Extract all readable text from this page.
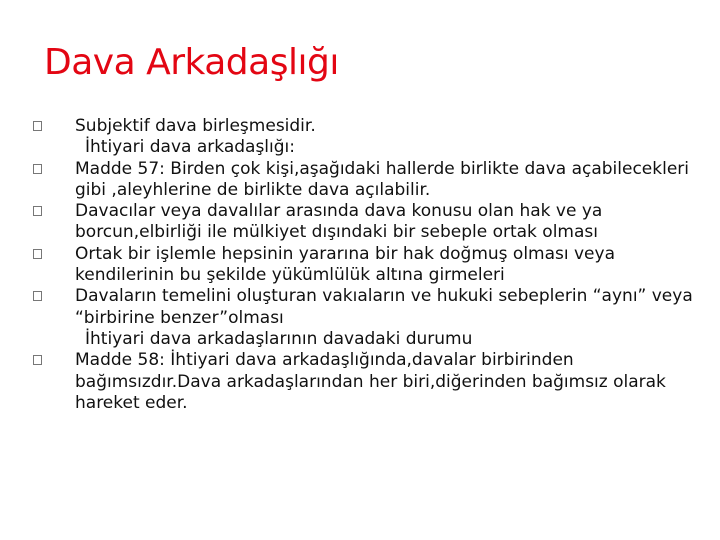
Dava Arkadaşlığı
Subjektif dava birleşmesidir.
İhtiyari dava arkadaşlığı:
Madde 57: Birden çok kişi,aşağıdaki hallerde birlikte dava açabilecekleri gibi ,aleyhlerine de birlikte dava açılabilir.
Davacılar veya davalılar arasında dava konusu olan hak ve ya borcun,elbirliği ile mülkiyet dışındaki bir sebeple ortak olması
Ortak bir işlemle hepsinin yararına bir hak doğmuş olması veya kendilerinin bu şekilde yükümlülük altına girmeleri
Davaların temelini oluşturan vakıaların ve hukuki sebeplerin “aynı” veya “birbirine benzer”olması
İhtiyari dava arkadaşlarının davadaki durumu
Madde 58: İhtiyari dava arkadaşlığında,davalar birbirinden bağımsızdır.Dava arkadaşlarından her biri,diğerinden bağımsız olarak hareket eder.
